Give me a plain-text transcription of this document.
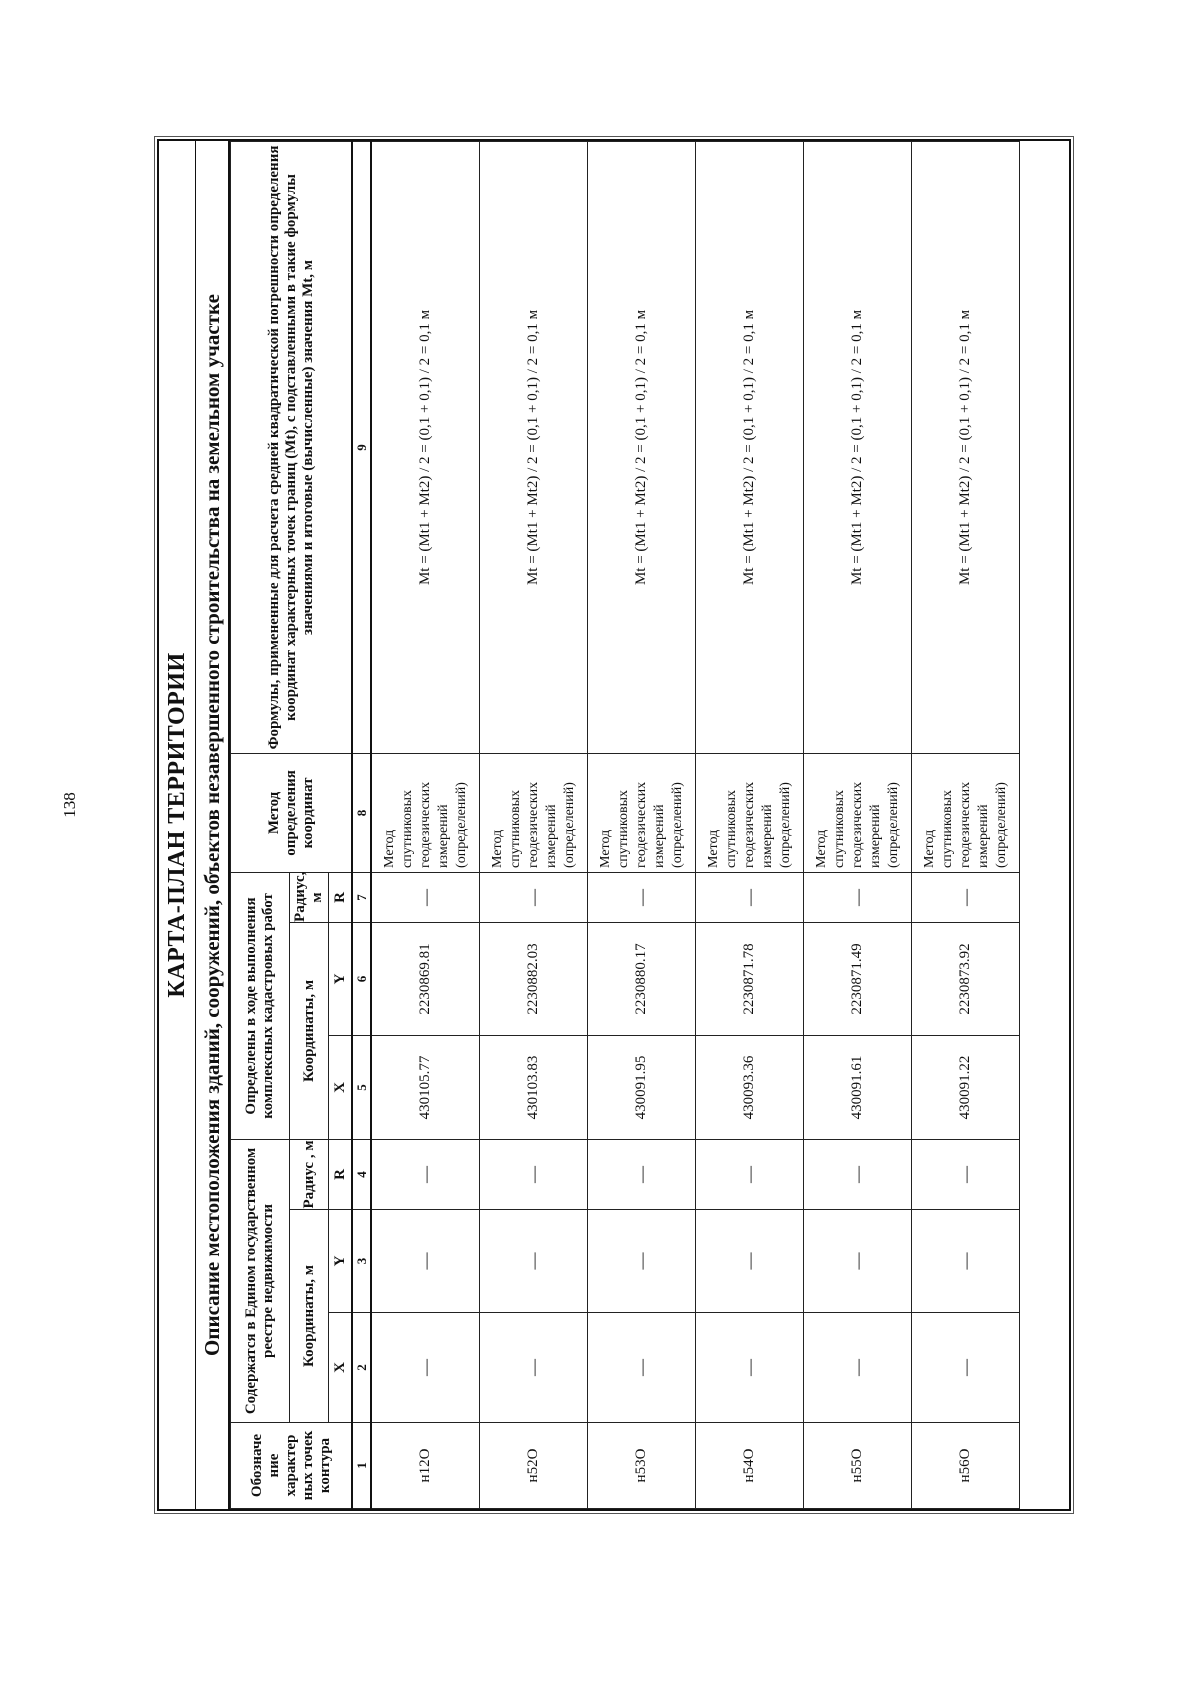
138	КАРТА-ПЛАН ТЕРРИТОРИИ Описание местоположения зданий, сооружений, объектов незавершенного строительства на земельном участке
Обозначе ние характер ных точек контура	Содержатся в Едином государственном реестре недвижимости			Определены в ходе выполнения комплексных кадастровых работ			Метод определения координат	Формулы, примененные для расчета средней квадратической погрешности определения координат характерных точек границ (Mt), с подставленными в такие формулы значениями и итоговые (вычисленные) значения Mt, м
	Координаты, м		Радиус , м	Координаты, м		Радиус, м		
	X	Y	R	X	Y	R		
1	2	3	4	5	6	7	8	9
н12О	—	—	—	430105.77	2230869.81	—	Метод спутниковых геодезических измерений (определений)	Mt = (Mt1 + Mt2) / 2 = (0,1 + 0,1) / 2 = 0,1 м
н52О	—	—	—	430103.83	2230882.03	—	Метод спутниковых геодезических измерений (определений)	Mt = (Mt1 + Mt2) / 2 = (0,1 + 0,1) / 2 = 0,1 м
н53О	—	—	—	430091.95	2230880.17	—	Метод спутниковых геодезических измерений (определений)	Mt = (Mt1 + Mt2) / 2 = (0,1 + 0,1) / 2 = 0,1 м
н54О	—	—	—	430093.36	2230871.78	—	Метод спутниковых геодезических измерений (определений)	Mt = (Mt1 + Mt2) / 2 = (0,1 + 0,1) / 2 = 0,1 м
н55О	—	—	—	430091.61	2230871.49	—	Метод спутниковых геодезических измерений (определений)	Mt = (Mt1 + Mt2) / 2 = (0,1 + 0,1) / 2 = 0,1 м
н56О	—	—	—	430091.22	2230873.92	—	Метод спутниковых геодезических измерений (определений)	Mt = (Mt1 + Mt2) / 2 = (0,1 + 0,1) / 2 = 0,1 м
